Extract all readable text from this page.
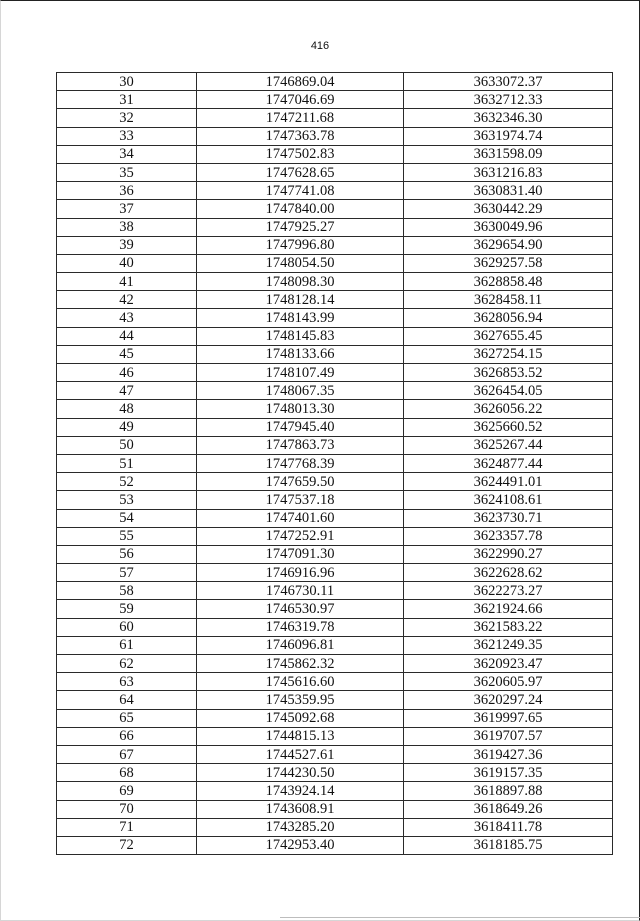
416
30	1746869.04	3633072.37
31	1747046.69	3632712.33
32	1747211.68	3632346.30
33	1747363.78	3631974.74
34	1747502.83	3631598.09
35	1747628.65	3631216.83
36	1747741.08	3630831.40
37	1747840.00	3630442.29
38	1747925.27	3630049.96
39	1747996.80	3629654.90
40	1748054.50	3629257.58
41	1748098.30	3628858.48
42	1748128.14	3628458.11
43	1748143.99	3628056.94
44	1748145.83	3627655.45
45	1748133.66	3627254.15
46	1748107.49	3626853.52
47	1748067.35	3626454.05
48	1748013.30	3626056.22
49	1747945.40	3625660.52
50	1747863.73	3625267.44
51	1747768.39	3624877.44
52	1747659.50	3624491.01
53	1747537.18	3624108.61
54	1747401.60	3623730.71
55	1747252.91	3623357.78
56	1747091.30	3622990.27
57	1746916.96	3622628.62
58	1746730.11	3622273.27
59	1746530.97	3621924.66
60	1746319.78	3621583.22
61	1746096.81	3621249.35
62	1745862.32	3620923.47
63	1745616.60	3620605.97
64	1745359.95	3620297.24
65	1745092.68	3619997.65
66	1744815.13	3619707.57
67	1744527.61	3619427.36
68	1744230.50	3619157.35
69	1743924.14	3618897.88
70	1743608.91	3618649.26
71	1743285.20	3618411.78
72	1742953.40	3618185.75
